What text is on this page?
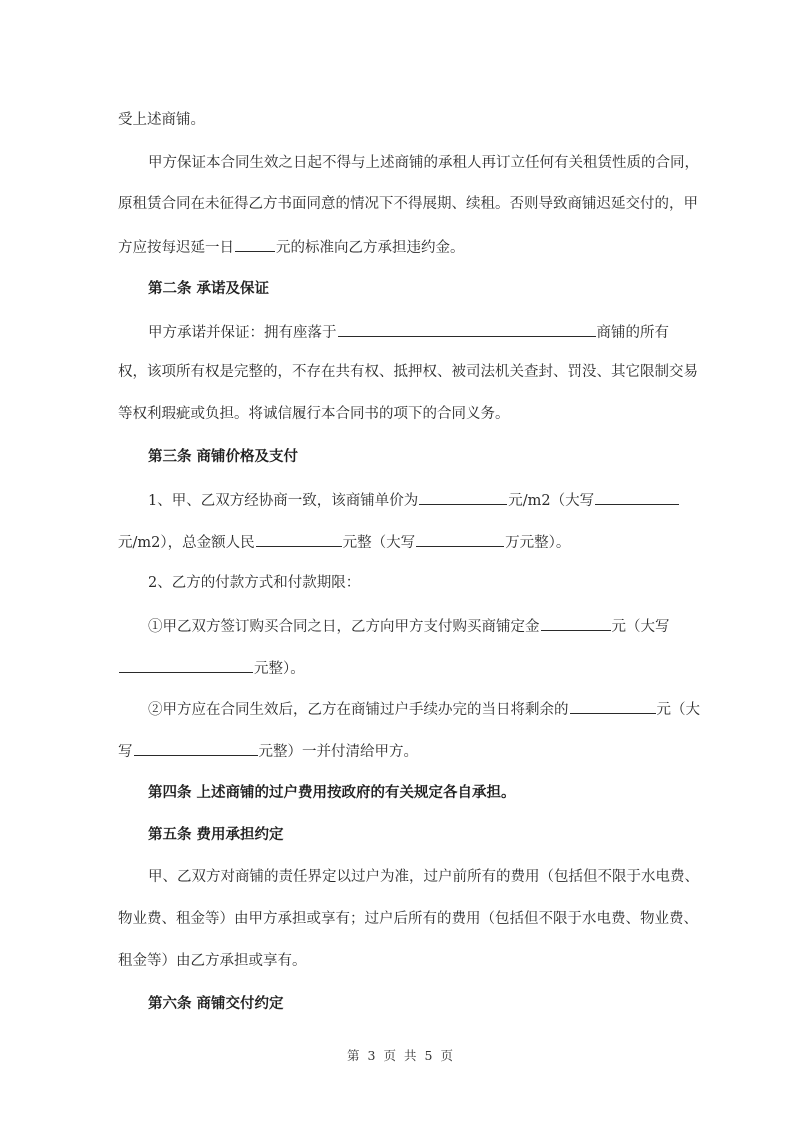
受上述商铺。
甲方保证本合同生效之日起不得与上述商铺的承租人再订立任何有关租赁性质的合同，
原租赁合同在未征得乙方书面同意的情况下不得展期、续租。否则导致商铺迟延交付的，甲
方应按每迟延一日	元的标准向乙方承担违约金。
第二条 承诺及保证
甲方承诺并保证：拥有座落于	商铺的所有
权，该项所有权是完整的，不存在共有权、抵押权、被司法机关查封、罚没、其它限制交易
等权利瑕疵或负担。将诚信履行本合同书的项下的合同义务。
第三条 商铺价格及支付
1、甲、乙双方经协商一致，该商铺单价为	元/m2（大写
元/m2），总金额人民	元整（大写	万元整）。
2、乙方的付款方式和付款期限：
①甲乙双方签订购买合同之日，乙方向甲方支付购买商铺定金	元（大写
元整）。
②甲方应在合同生效后，乙方在商铺过户手续办完的当日将剩余的	元（大
写	元整）一并付清给甲方。
第四条 上述商铺的过户费用按政府的有关规定各自承担。
第五条 费用承担约定
甲、乙双方对商铺的责任界定以过户为准，过户前所有的费用（包括但不限于水电费、
物业费、租金等）由甲方承担或享有；过户后所有的费用（包括但不限于水电费、物业费、
租金等）由乙方承担或享有。
第六条 商铺交付约定
第 3 页 共 5 页
